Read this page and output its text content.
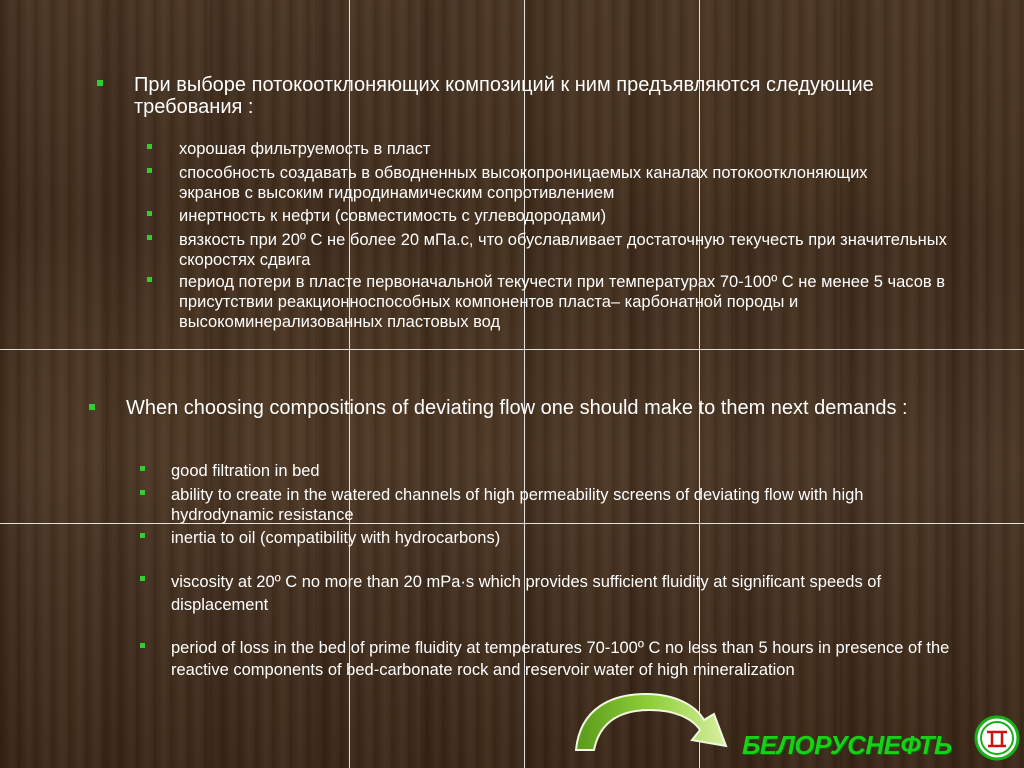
При выборе потокоотклоняющих композиций к ним предъявляются следующие требования :
хорошая фильтруемость в пласт
способность создавать в обводненных высокопроницаемых каналах потокоотклоняющих экранов с высоким гидродинамическим сопротивлением
инертность к нефти (совместимость с углеводородами)
вязкость при 20º С не более 20 мПа.с, что обуславливает достаточную текучесть при значительных скоростях сдвига
период потери в пласте первоначальной текучести при температурах 70-100º С не менее 5 часов в присутствии реакционноспособных компонентов пласта– карбонатной породы и высокоминерализованных пластовых вод
When choosing compositions of deviating flow one should make to them next demands :
good filtration in bed
ability to create in the watered channels of high permeability screens of deviating flow with high hydrodynamic resistance
inertia to oil (compatibility with hydrocarbons)
viscosity at 20º С no more than 20 mPa·s which provides sufficient fluidity at significant speeds of displacement
period of loss in the bed of prime fluidity at temperatures 70-100º С no less than 5 hours in presence of the reactive components of bed-carbonate rock and reservoir water of high mineralization
БЕЛОРУСНЕФТЬ
